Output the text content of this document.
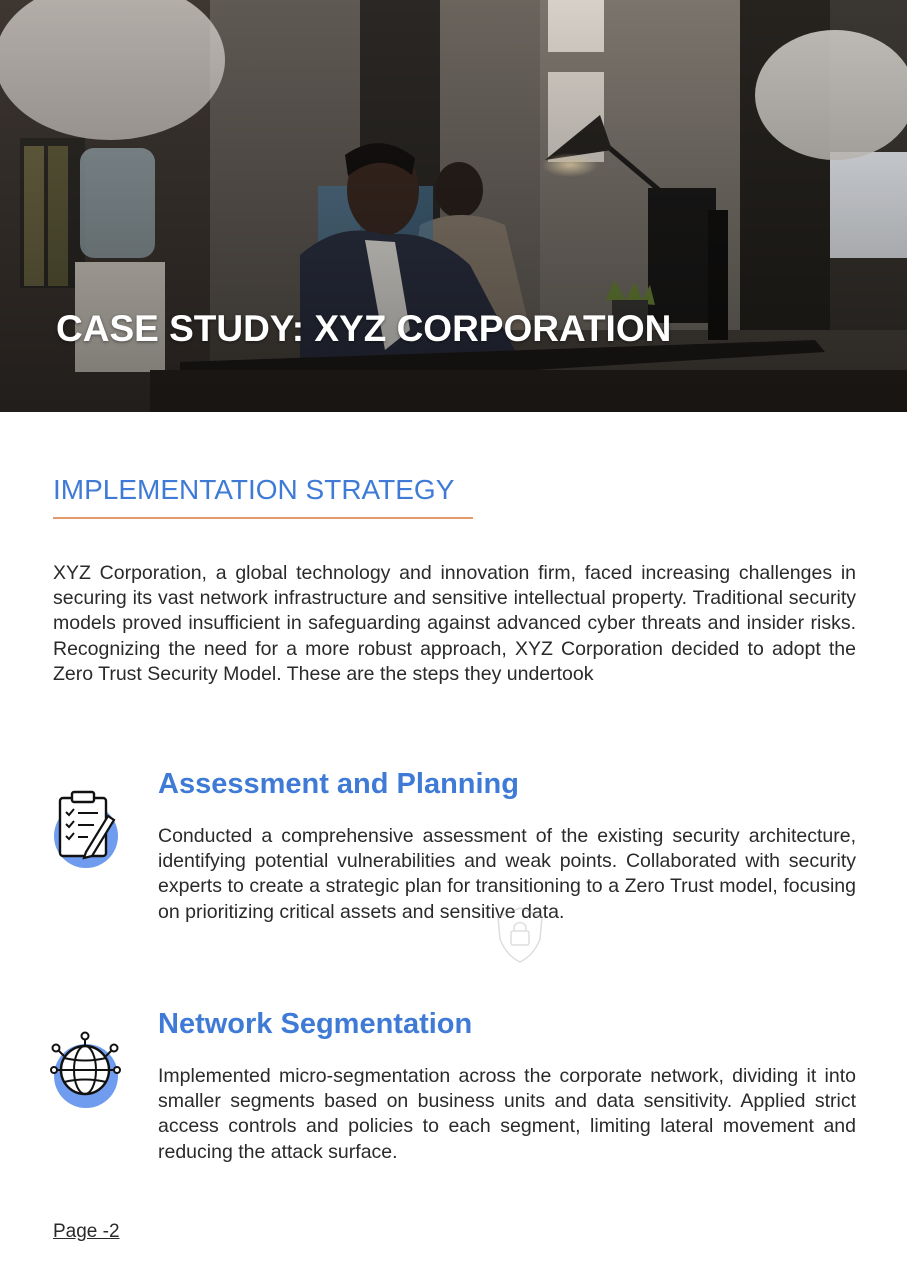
CASE STUDY: XYZ CORPORATION
IMPLEMENTATION STRATEGY

XYZ Corporation, a global technology and innovation firm, faced increasing challenges in securing its vast network infrastructure and sensitive intellectual property. Traditional security models proved insufficient in safeguarding against advanced cyber threats and insider risks. Recognizing the need for a more robust approach, XYZ Corporation decided to adopt the Zero Trust Security Model. These are the steps they undertook

Assessment and Planning

Conducted a comprehensive assessment of the existing security architecture, identifying potential vulnerabilities and weak points. Collaborated with security experts to create a strategic plan for transitioning to a Zero Trust model, focusing on prioritizing critical assets and sensitive data.

Network Segmentation

Implemented micro-segmentation across the corporate network, dividing it into smaller segments based on business units and data sensitivity. Applied strict access controls and policies to each segment, limiting lateral movement and reducing the attack surface.

Page -2
